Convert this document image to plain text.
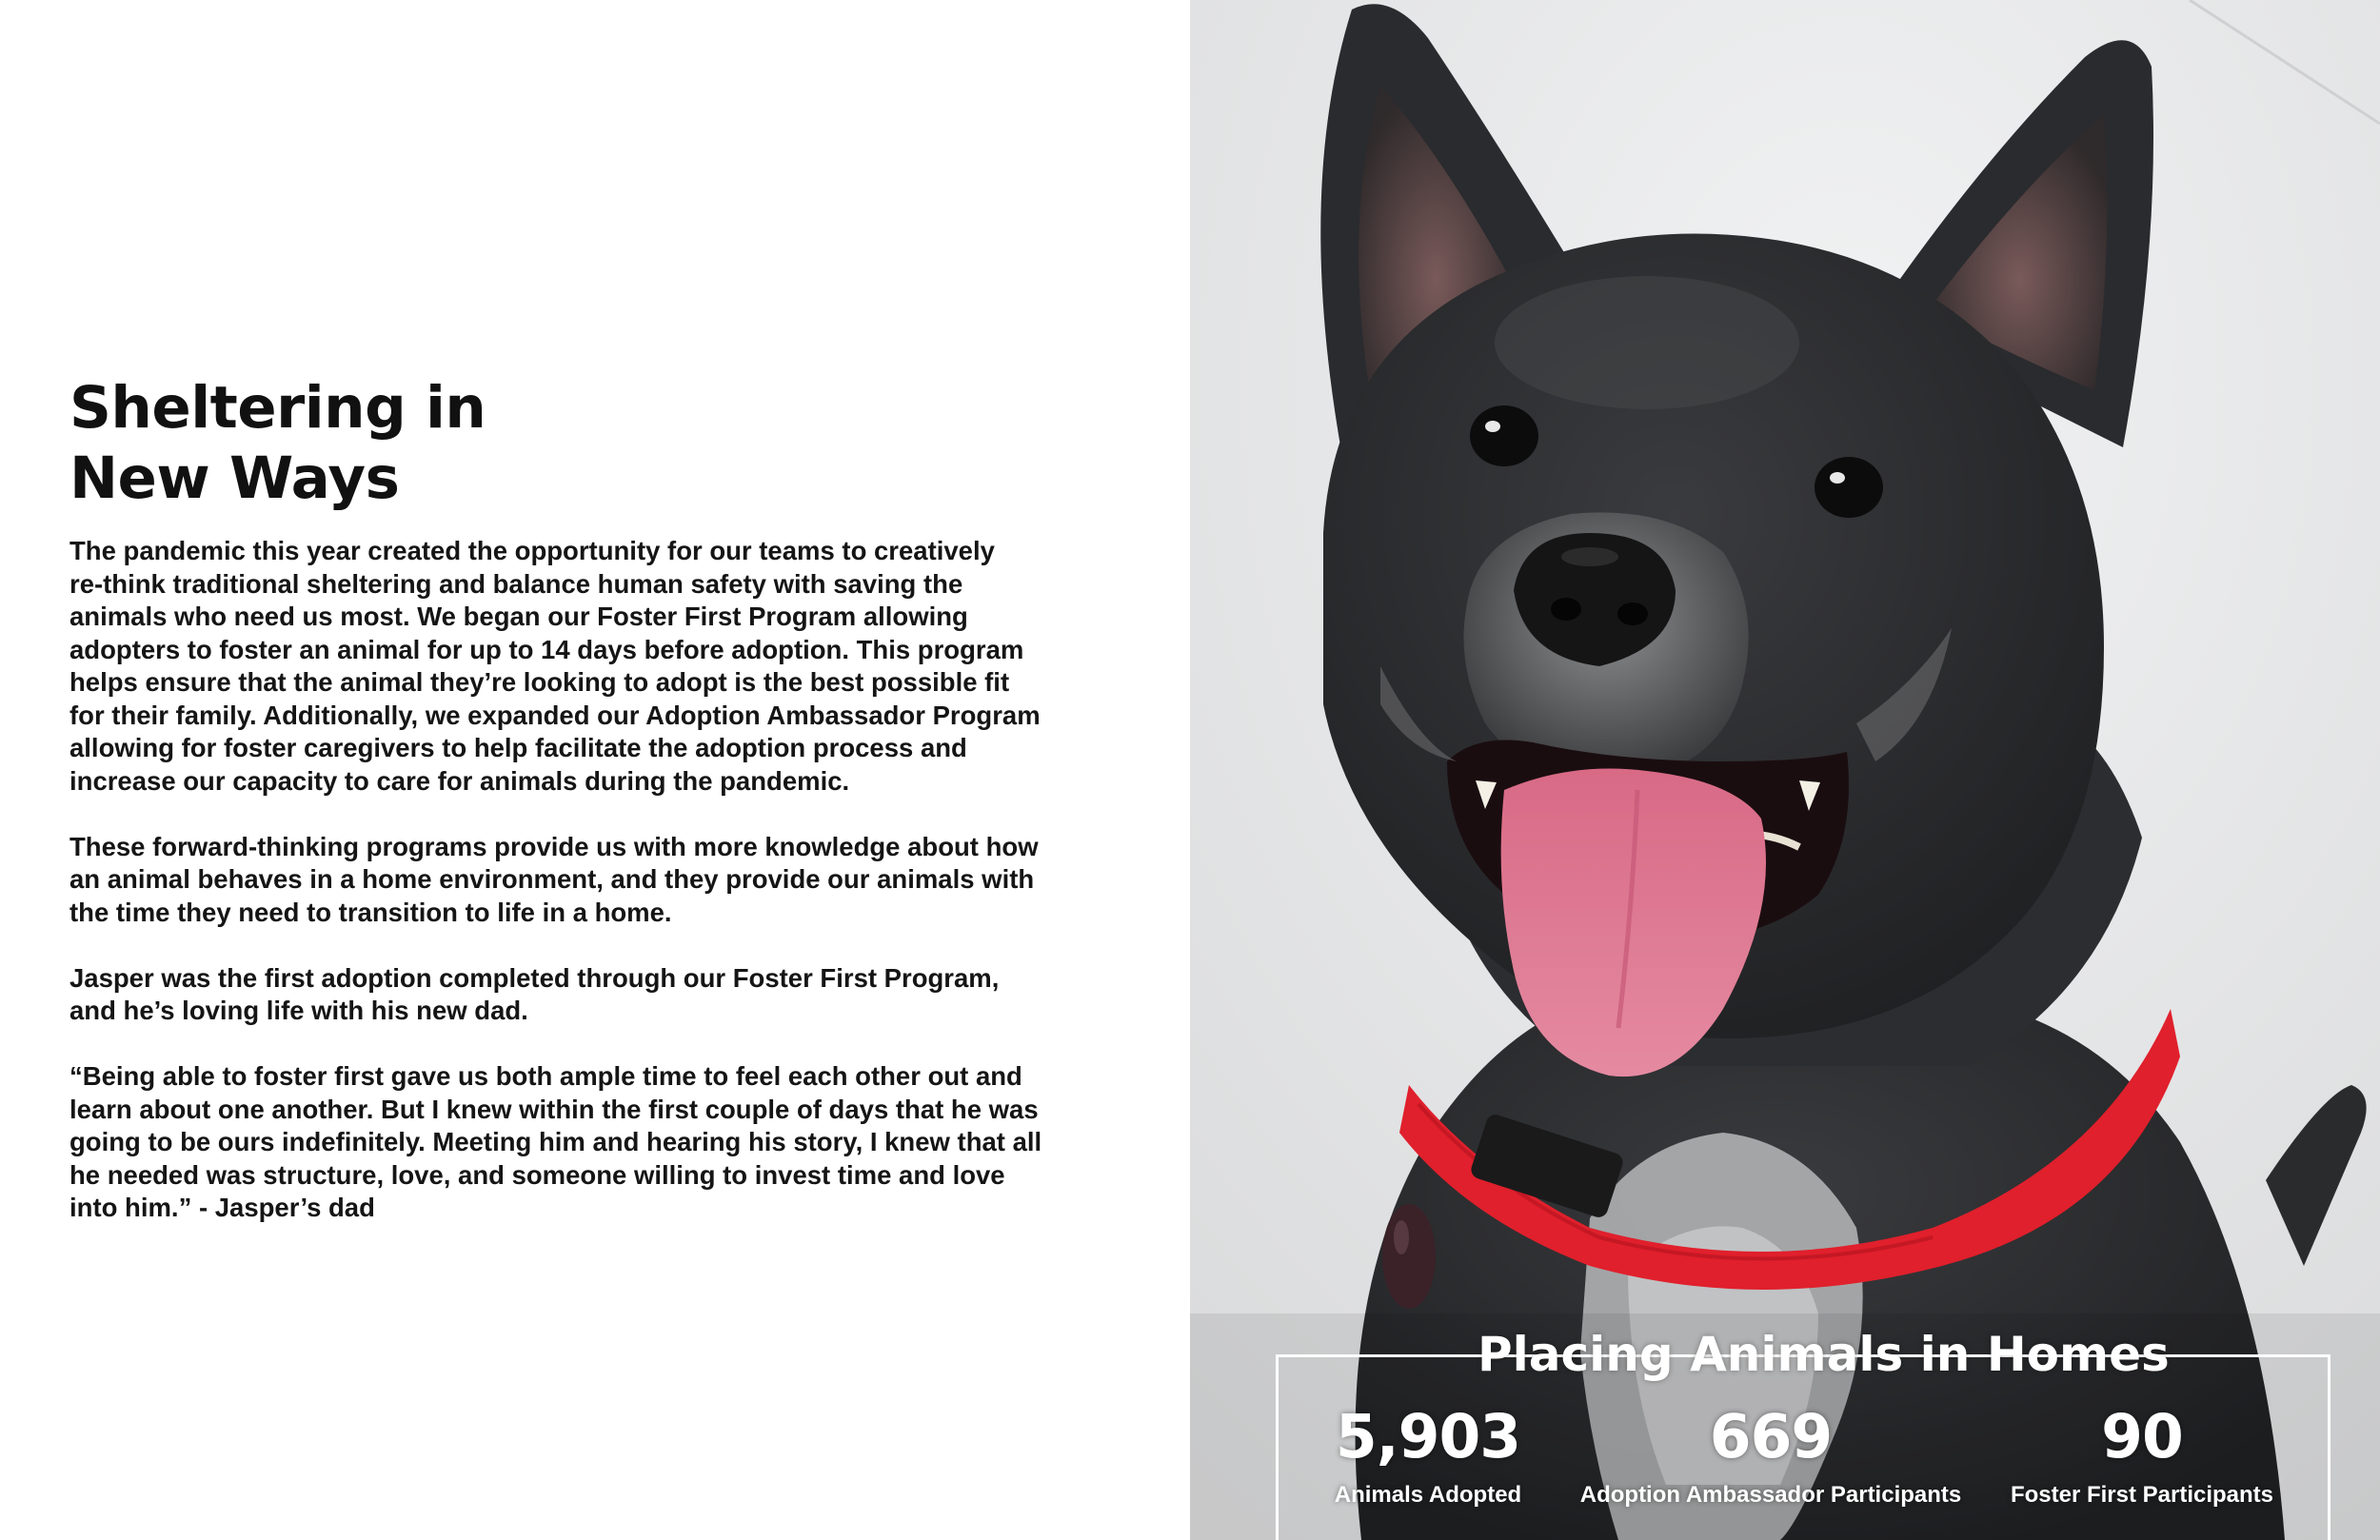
Sheltering in
New Ways

The pandemic this year created the opportunity for our teams to creatively
re-think traditional sheltering and balance human safety with saving the
animals who need us most. We began our Foster First Program allowing
adopters to foster an animal for up to 14 days before adoption. This program
helps ensure that the animal they’re looking to adopt is the best possible fit
for their family. Additionally, we expanded our Adoption Ambassador Program
allowing for foster caregivers to help facilitate the adoption process and
increase our capacity to care for animals during the pandemic.

These forward-thinking programs provide us with more knowledge about how
an animal behaves in a home environment, and they provide our animals with
the time they need to transition to life in a home.

Jasper was the first adoption completed through our Foster First Program,
and he’s loving life with his new dad.

“Being able to foster first gave us both ample time to feel each other out and
learn about one another. But I knew within the first couple of days that he was
going to be ours indefinitely. Meeting him and hearing his story, I knew that all
he needed was structure, love, and someone willing to invest time and love
into him.” - Jasper’s dad

Placing Animals in Homes
5,903
Animals Adopted
669
Adoption Ambassador Participants
90
Foster First Participants
